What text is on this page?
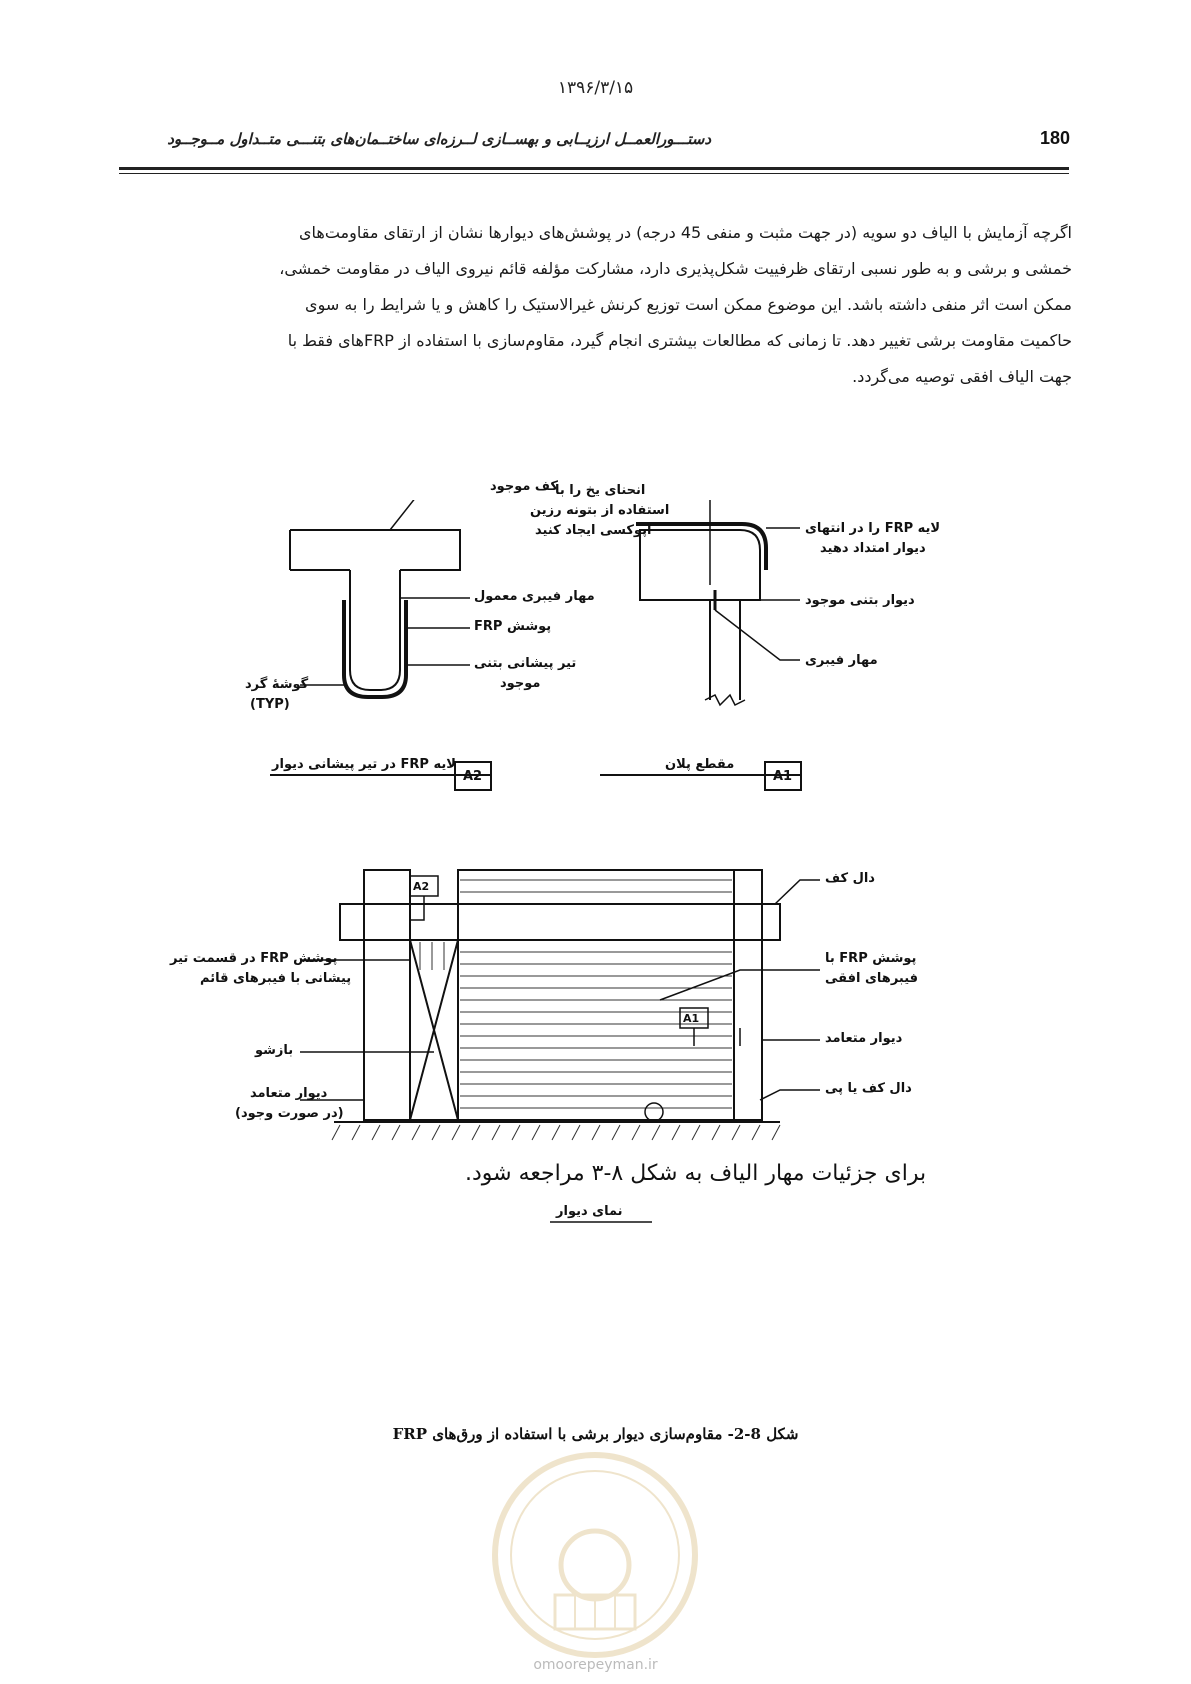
۱۳۹۶/۳/۱۵
دستـــورالعمــل ارزیــابی و بهســازی لــرزه‌ای ساختــمان‌های بتنـــی متــداول مــوجــود	180
اگرچه آزمایش با الیاف دو سویه (در جهت مثبت و منفی 45 درجه) در پوشش‌های دیوارها نشان از ارتقای مقاومت‌های
خمشی و برشی و به طور نسبی ارتقای ظرفییت شکل‌پذیری دارد، مشارکت مؤلفه قائم نیروی الیاف در مقاومت خمشی،
ممکن است اثر منفی داشته باشد. این موضوع ممکن است توزیع کرنش غیرالاستیک را کاهش و یا شرایط را به سوی
حاکمیت مقاومت برشی تغییر دهد. تا زمانی که مطالعات بیشتری انجام گیرد، مقاوم‌سازی با استفاده از FRPهای فقط با
جهت الیاف افقی توصیه می‌گردد.
کف موجود
مهار فیبری معمول
پوشش FRP
تیر پیشانی بتنی
موجود
گوشهٔ گرد
(TYP)
لایه FRP در تیر پیشانی دیوار
A2
انحنای یخ را با
استفاده از بتونه رزین
اپوکسی ایجاد کنید	لایه FRP را در انتهای
دیوار امتداد دهید
دیوار بتنی موجود
مهار فیبری
مقطع پلان
A1
دال کف
پوشش FRP با
فیبرهای افقی
دیوار متعامد
دال کف یا پی
پوشش FRP در قسمت تیر
پیشانی با فیبرهای قائم
بازشو
دیوار متعامد
(در صورت وجود)
A2
A1
برای جزئیات مهار الیاف به شکل ۸-۳ مراجعه شود.
نمای دیوار
شکل 8-2- مقاوم‌سازی دیوار برشی با استفاده از ورق‌های FRP
omoorepeyman.ir
